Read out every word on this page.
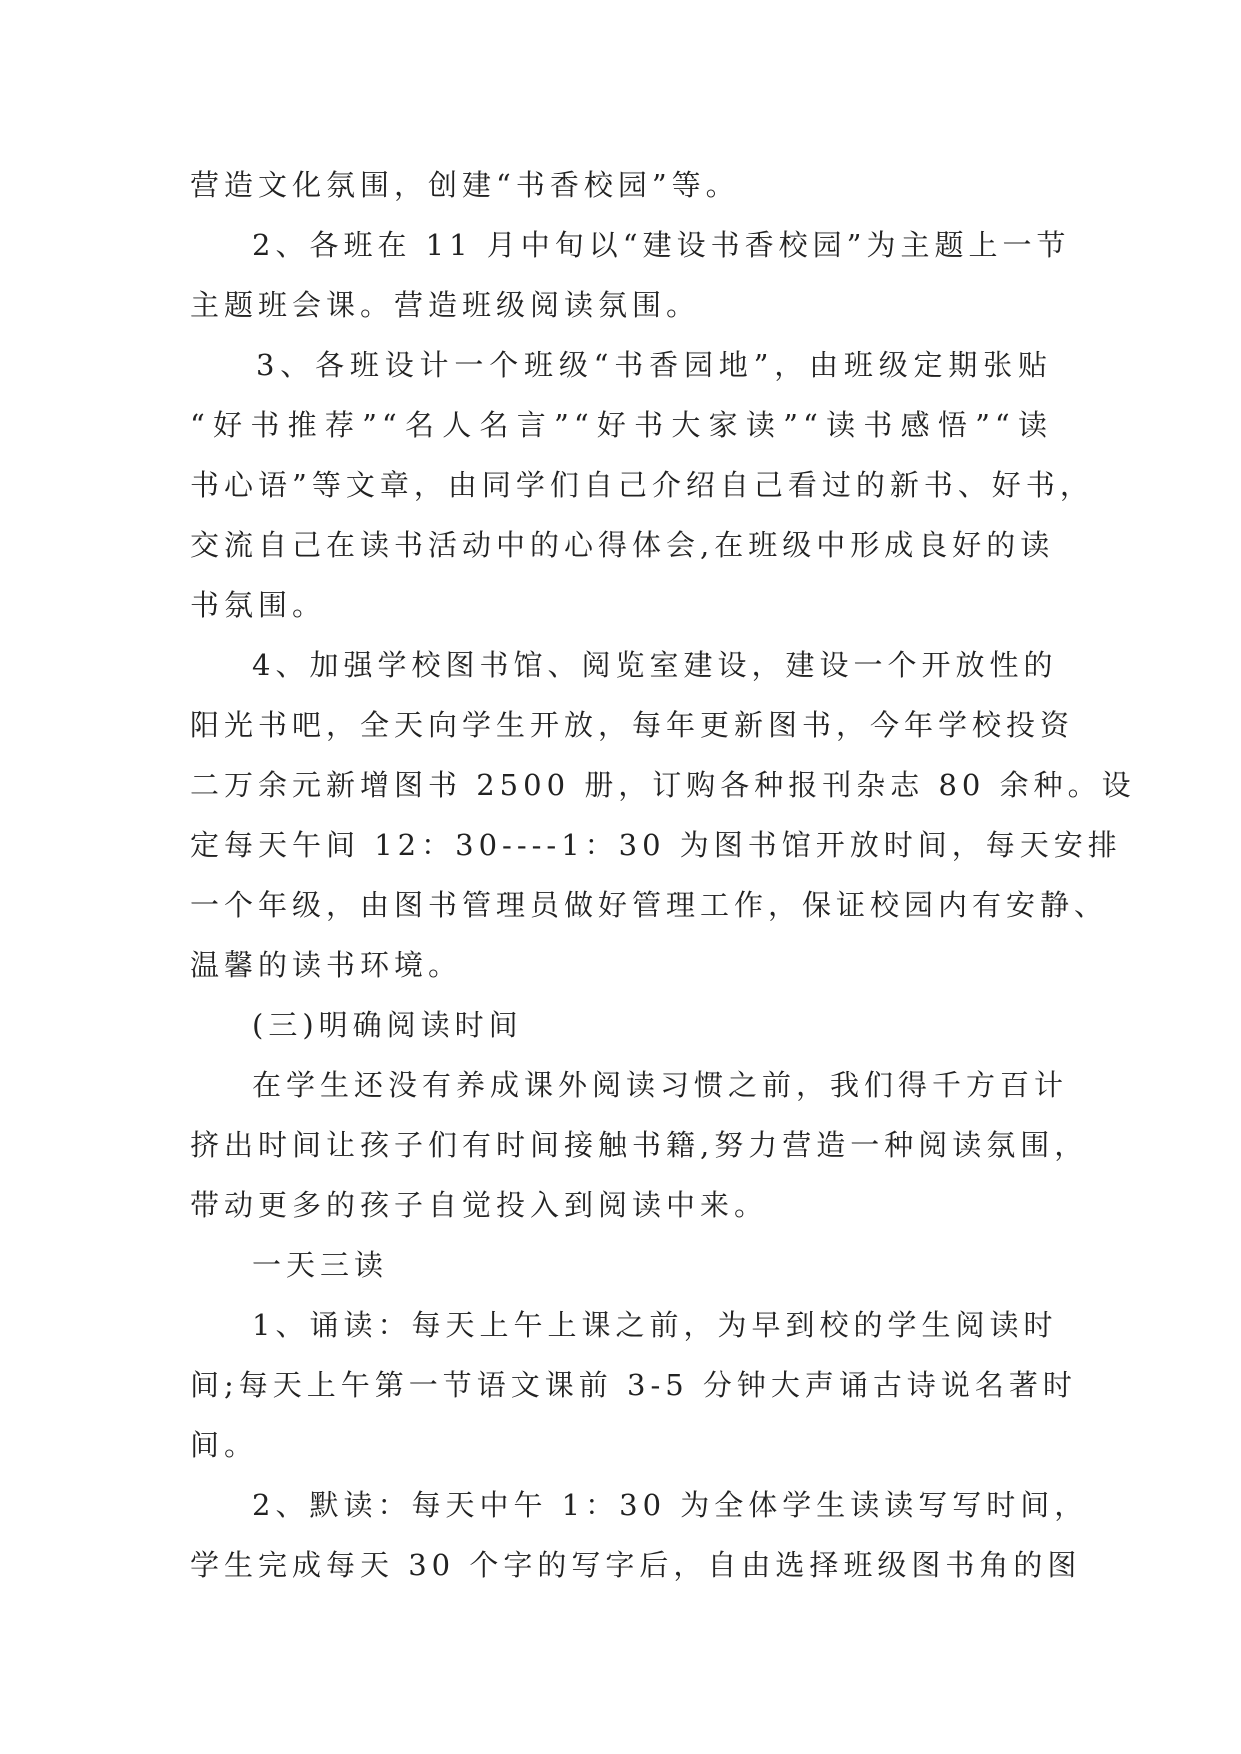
营造文化氛围，创建“书香校园”等。
2、各班在 11 月中旬以“建设书香校园”为主题上一节
主题班会课。营造班级阅读氛围。
3、各班设计一个班级“书香园地”，由班级定期张贴
“好书推荐”“名人名言”“好书大家读”“读书感悟”“读
书心语”等文章，由同学们自己介绍自己看过的新书、好书，
交流自己在读书活动中的心得体会,在班级中形成良好的读
书氛围。
4、加强学校图书馆、阅览室建设，建设一个开放性的
阳光书吧，全天向学生开放，每年更新图书，今年学校投资
二万余元新增图书 2500 册，订购各种报刊杂志 80 余种。设
定每天午间 12：30----1：30 为图书馆开放时间，每天安排
一个年级，由图书管理员做好管理工作，保证校园内有安静、
温馨的读书环境。
(三)明确阅读时间
在学生还没有养成课外阅读习惯之前，我们得千方百计
挤出时间让孩子们有时间接触书籍,努力营造一种阅读氛围，
带动更多的孩子自觉投入到阅读中来。
一天三读
1、诵读：每天上午上课之前，为早到校的学生阅读时
间;每天上午第一节语文课前 3-5 分钟大声诵古诗说名著时
间。
2、默读：每天中午 1：30 为全体学生读读写写时间，
学生完成每天 30 个字的写字后，自由选择班级图书角的图
